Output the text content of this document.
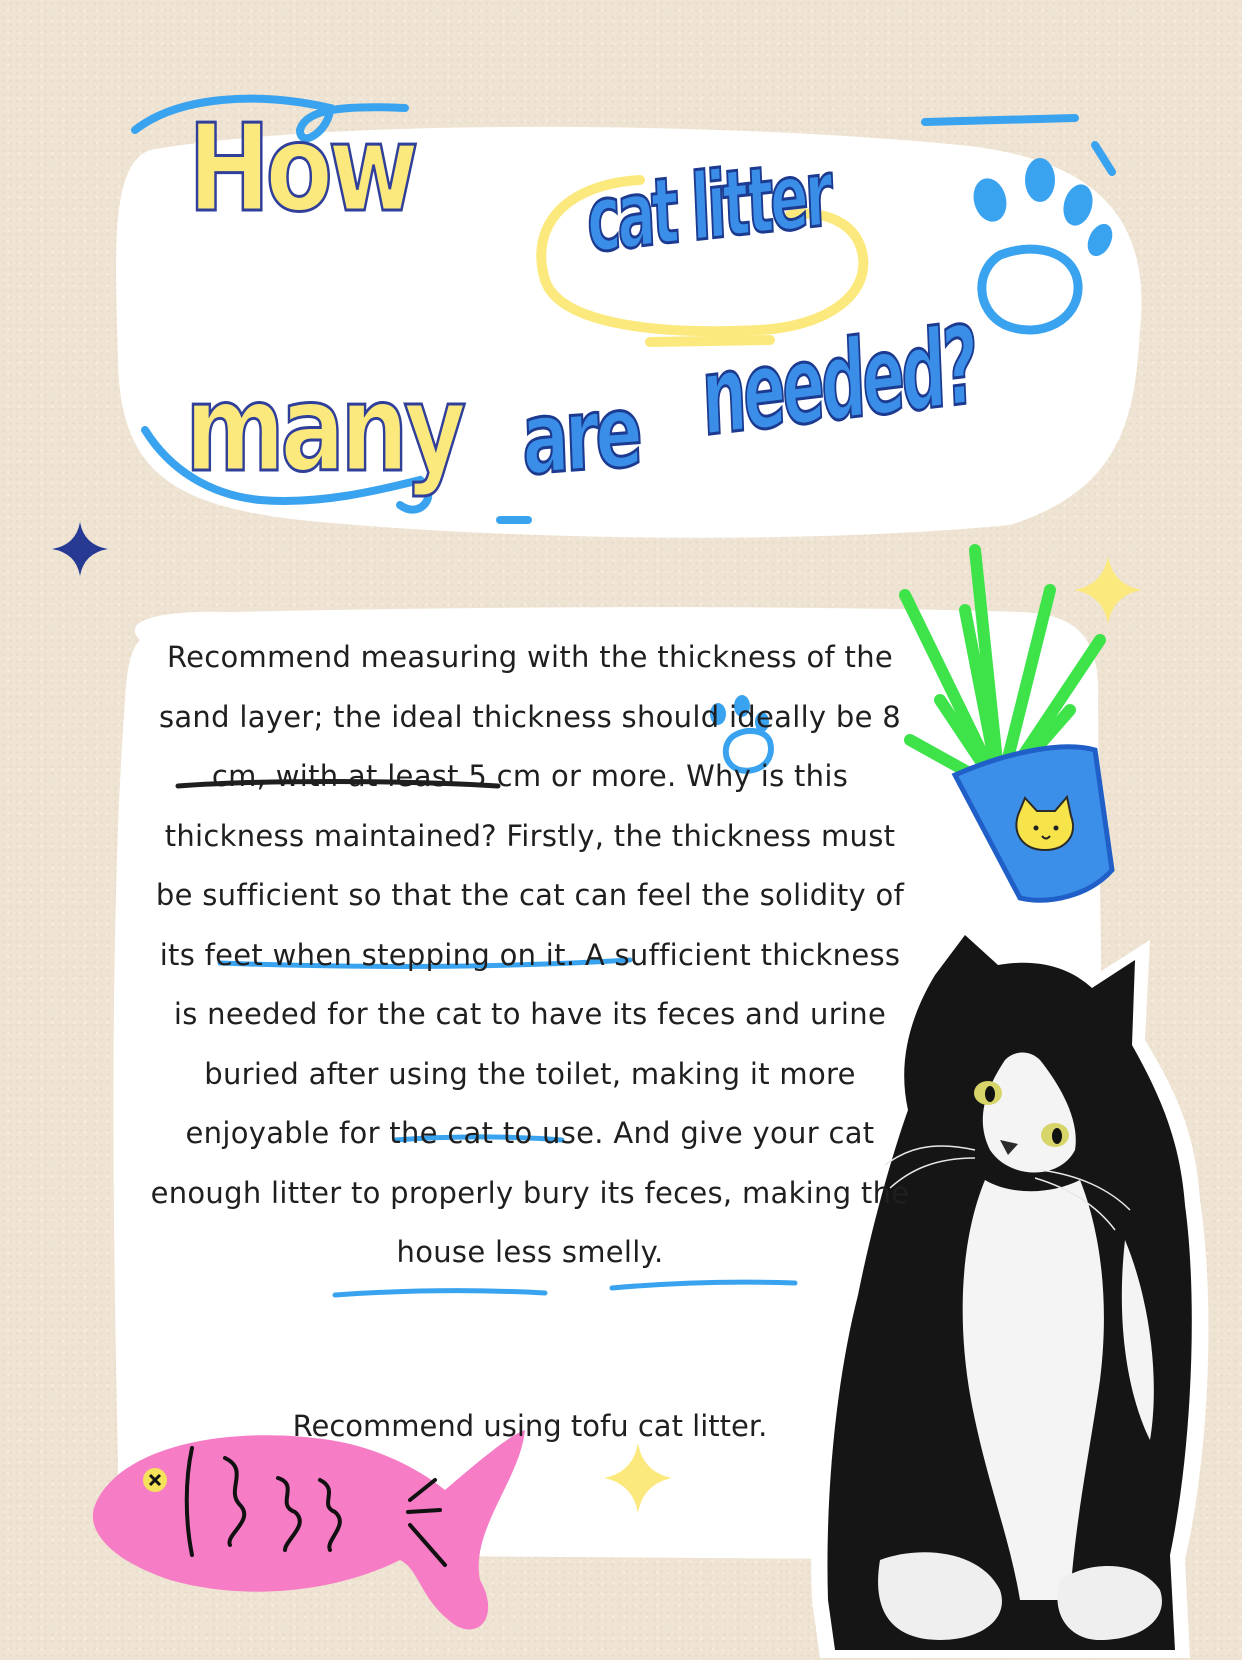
How
many
cat litter
are needed?

Recommend measuring with the thickness of the sand layer; the ideal thickness should ideally be 8 cm, with at least 5 cm or more. Why is this thickness maintained? Firstly, the thickness must be sufficient so that the cat can feel the solidity of its feet when stepping on it. A sufficient thickness is needed for the cat to have its feces and urine buried after using the toilet, making it more enjoyable for the cat to use. And give your cat enough litter to properly bury its feces, making the house less smelly.

Recommend using tofu cat litter.
